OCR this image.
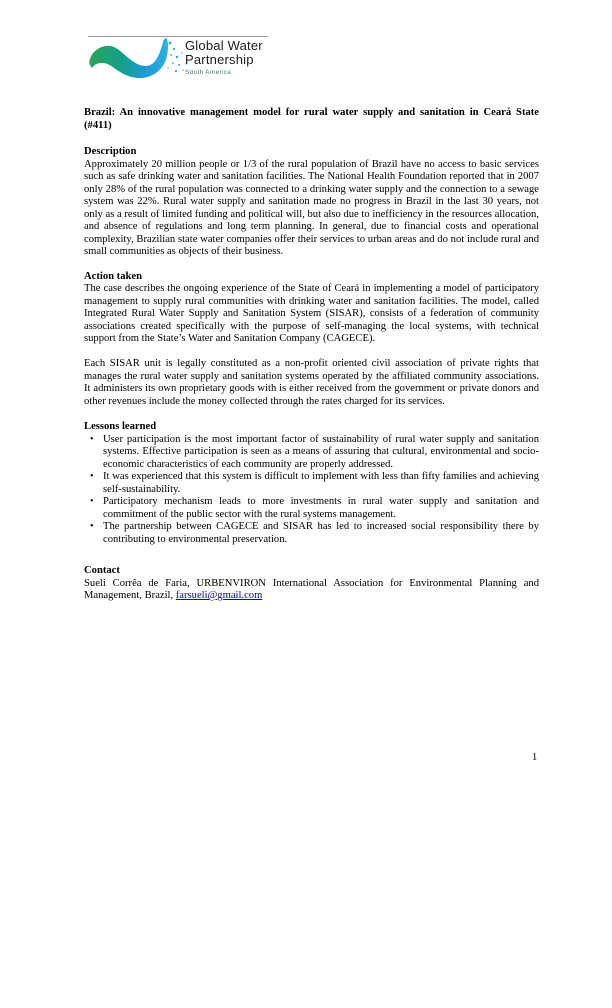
Global Water
Partnership
South America
Brazil: An innovative management model for rural water supply and sanitation in Ceará State
(#411)
Description
Approximately 20 million people or 1/3 of the rural population of Brazil have no access to basic services such as safe drinking water and sanitation facilities. The National Health Foundation reported that in 2007 only 28% of the rural population was connected to a drinking water supply and the connection to a sewage system was 22%. Rural water supply and sanitation made no progress in Brazil in the last 30 years, not only as a result of limited funding and political will, but also due to inefficiency in the resources allocation, and absence of regulations and long term planning. In general, due to financial costs and operational complexity, Brazilian state water companies offer their services to urban areas and do not include rural and small communities as objects of their business.
Action taken
The case describes the ongoing experience of the State of Ceará in implementing a model of participatory management to supply rural communities with drinking water and sanitation facilities. The model, called Integrated Rural Water Supply and Sanitation System (SISAR), consists of a federation of community associations created specifically with the purpose of self-managing the local systems, with technical support from the State’s Water and Sanitation Company (CAGECE).
Each SISAR unit is legally constituted as a non-profit oriented civil association of private rights that manages the rural water supply and sanitation systems operated by the affiliated community associations. It administers its own proprietary goods with is either received from the government or private donors and other revenues include the money collected through the rates charged for its services.
Lessons learned
• User participation is the most important factor of sustainability of rural water supply and sanitation systems. Effective participation is seen as a means of assuring that cultural, environmental and socio-economic characteristics of each community are properly addressed.
• It was experienced that this system is difficult to implement with less than fifty families and achieving self-sustainability.
• Participatory mechanism leads to more investments in rural water supply and sanitation and commitment of the public sector with the rural systems management.
• The partnership between CAGECE and SISAR has led to increased social responsibility there by contributing to environmental preservation.
Contact
Sueli Corrêa de Faria, URBENVIRON International Association for Environmental Planning and Management, Brazil, farsueli@gmail.com
1
